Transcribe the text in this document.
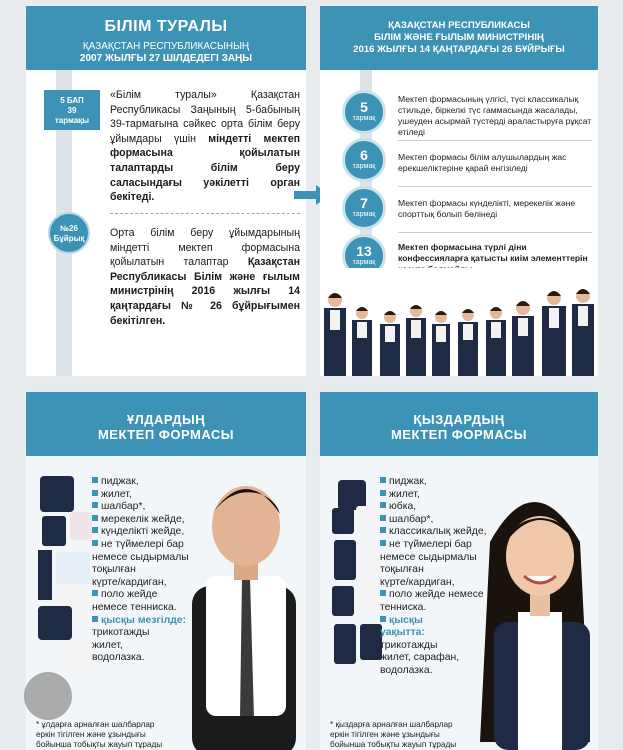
БІЛІМ ТУРАЛЫ
ҚАЗАҚСТАН РЕСПУБЛИКАСЫНЫҢ
2007 ЖЫЛҒЫ 27 ШІЛДЕДЕГІ ЗАҢЫ
5 БАП
39
тармақы
«Білім туралы» Қазақстан Республикасы Заңының 5-бабының 39-тармағына сәйкес орта білім беру ұйымдары үшін міндетті мектеп формасына қойылатын талаптарды білім беру саласындағы уәкілетті орган бекітеді.
№26
Бұйрық	Орта білім беру ұйымдарының міндетті мектеп формасына қойылатын талаптар Қазақстан Республикасы Білім және ғылым министрінің 2016 жылғы 14 қаңтардағы № 26 бұйрығымен бекітілген.
ҚАЗАҚСТАН РЕСПУБЛИКАСЫ
БІЛІМ ЖӘНЕ ҒЫЛЫМ МИНИСТРІНІҢ
2016 ЖЫЛҒЫ 14 ҚАҢТАРДАҒЫ 26 БҰЙРЫҒЫ
5
тармақ
Мектеп формасының үлгісі, түсі классикалық стильде, біркелкі түс гаммасында жасалады, ушеуден асырмай түстерді араластыруға рұқсат етіледі
6
тармақ
Мектеп формасы білім алушылардың жас ерекшеліктеріне қарай енгізіледі
7
тармақ
Мектеп формасы күнделікті, мерекелік және спорттық болып бөлінеді
13
тармақ
Мектеп формасына түрлі діни конфессияларға қатысты киім элементтерін
ҰЛДАРДЫҢ
МЕКТЕП ФОРМАСЫ
пиджак,
жилет,
шалбар*,
мерекелік жейде,
күнделікті жейде,
не түймелері бар
немесе сыдырмалы
тоқылған
күрте/кардиган,
поло жейде
немесе тенниска.
қысқы мезгілде:
трикотажды
жилет,
водолазка.
* ұлдарға арналған шалбарлар
еркін тігілген және ұзындығы
бойынша тобықты жауып тұрады
ҚЫЗДАРДЫҢ
МЕКТЕП ФОРМАСЫ
пиджак,
жилет,
юбка,
шалбар*,
классикалық жейде,
не түймелері бар
немесе сыдырмалы
тоқылған
күрте/кардиган,
поло жейде немесе
тенниска.
қысқы
уақытта:
трикотажды
жилет, сарафан,
водолазка.
* қыздарға арналған шалбарлар
еркін тігілген және ұзындығы
бойынша тобықты жауып тұрады
